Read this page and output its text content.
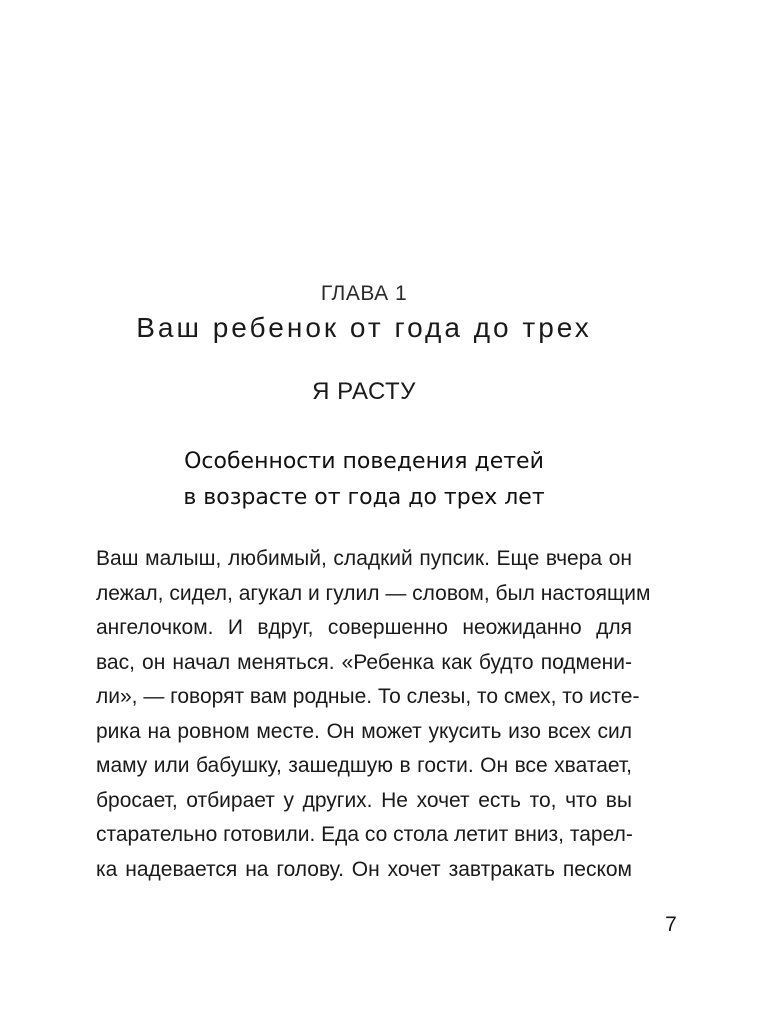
ГЛАВА 1
Ваш ребенок от года до трех
Я РАСТУ
Особенности поведения детей
в возрасте от года до трех лет
Ваш малыш, любимый, сладкий пупсик. Еще вчера он
лежал, сидел, агукал и гулил — словом, был настоящим
ангелочком. И вдруг, совершенно неожиданно для
вас, он начал меняться. «Ребенка как будто подмени-
ли», — говорят вам родные. То слезы, то смех, то исте-
рика на ровном месте. Он может укусить изо всех сил
маму или бабушку, зашедшую в гости. Он все хватает,
бросает, отбирает у других. Не хочет есть то, что вы
старательно готовили. Еда со стола летит вниз, тарел-
ка надевается на голову. Он хочет завтракать песком
7
